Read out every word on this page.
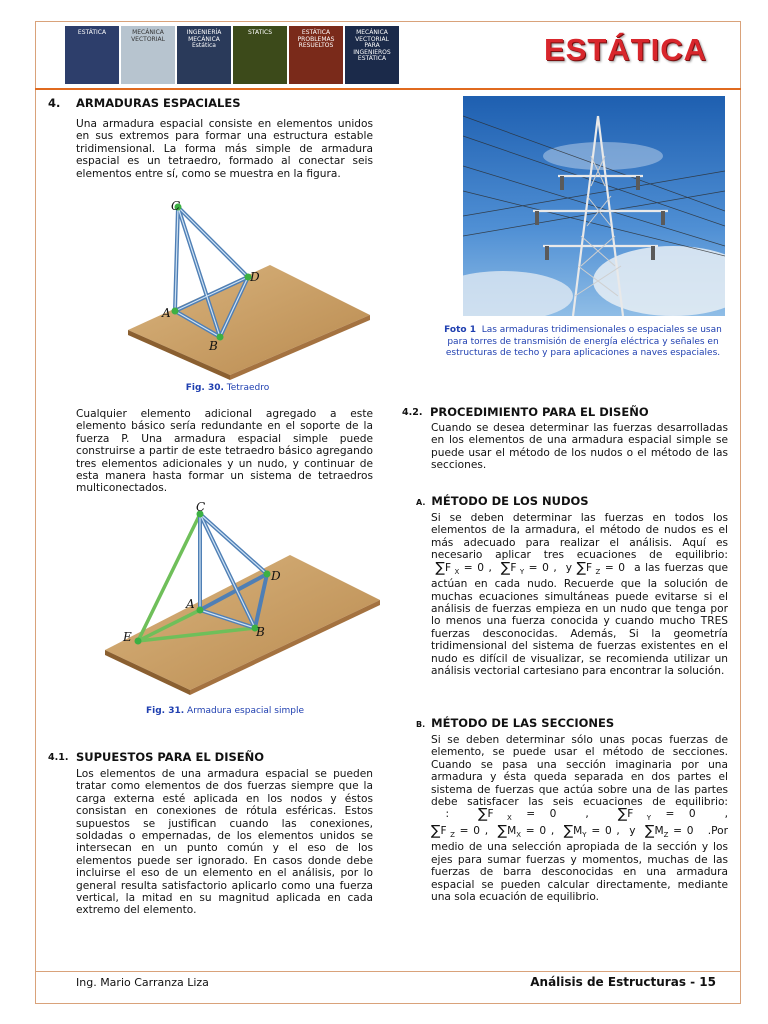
ESTÁTICA	MECÁNICA VECTORIAL
INGENIERÍA MECÁNICA Estática
STATICS	ESTÁTICA PROBLEMAS RESUELTOS
MECÁNICA VECTORIAL PARA INGENIEROS ESTÁTICA	ESTÁTICA
4. ARMADURAS ESPACIALES

Una armadura espacial consiste en elementos unidos en sus extremos para formar una estructura estable tridimensional. La forma más simple de armadura espacial es un tetraedro, formado al conectar seis elementos entre sí, como se muestra en la figura.

C
D
A
B
Fig. 30. Tetraedro

Cualquier elemento adicional agregado a este elemento básico sería redundante en el soporte de la fuerza P. Una armadura espacial simple puede construirse a partir de este tetraedro básico agregando tres elementos adicionales y un nudo, y continuar de esta manera hasta formar un sistema de tetraedros multiconectados.

C
D
A
B
E
Fig. 31. Armadura espacial simple
4.1. SUPUESTOS PARA EL DISEÑO

Los elementos de una armadura espacial se pueden tratar como elementos de dos fuerzas siempre que la carga externa esté aplicada en los nodos y éstos consistan en conexiones de rótula esféricas. Estos supuestos se justifican cuando las conexiones, soldadas o empernadas, de los elementos unidos se intersecan en un punto común y el eso de los elementos puede ser ignorado. En casos donde debe incluirse el eso de un elemento en el análisis, por lo general resulta satisfactorio aplicarlo como una fuerza vertical, la mitad en su magnitud aplicada en cada extremo del elemento.

Foto 1 Las armaduras tridimensionales o espaciales se usan para torres de transmisión de energía eléctrica y señales en estructuras de techo y para aplicaciones a naves espaciales.
4.2. PROCEDIMIENTO PARA EL DISEÑO

Cuando se desea determinar las fuerzas desarrolladas en los elementos de una armadura espacial simple se puede usar el método de los nudos o el método de las secciones.

A. MÉTODO DE LOS NUDOS
Si se deben determinar las fuerzas en todos los elementos de la armadura, el método de nudos es el más adecuado para realizar el análisis. Aquí es necesario aplicar tres ecuaciones de equilibrio:  ∑F $_X$ = 0 ,  ∑F $_Y$ = 0 ,  y ∑F $_Z$ = 0  a las fuerzas que actúan en cada nudo. Recuerde que la solución de muchas ecuaciones simultáneas puede evitarse si el análisis de fuerzas empieza en un nudo que tenga por lo menos una fuerza conocida y cuando mucho TRES fuerzas desconocidas. Además, Si la geometría tridimensional del sistema de fuerzas existentes en el nudo es difícil de visualizar, se recomienda utilizar un análisis vectorial cartesiano para encontrar la solución.
B. MÉTODO DE LAS SECCIONES
Si se deben determinar sólo unas pocas fuerzas de elemento, se puede usar el método de secciones. Cuando se pasa una sección imaginaria por una armadura y ésta queda separada en dos partes el sistema de fuerzas que actúa sobre una de las partes debe satisfacer las seis ecuaciones de equilibrio:  :  ∑F $_X$ = 0  ,  ∑F $_Y$ = 0  , ∑F $_Z$ = 0 ,  $\sum M_X = 0$ ,  $\sum M_Y = 0$ ,  y  $\sum M_Z = 0$ .Por medio de una selección apropiada de la sección y los ejes para sumar fuerzas y momentos, muchas de las fuerzas de barra desconocidas en una armadura espacial se pueden calcular directamente, mediante una sola ecuación de equilibrio.
Ing. Mario Carranza Liza	Análisis de Estructuras - 15
